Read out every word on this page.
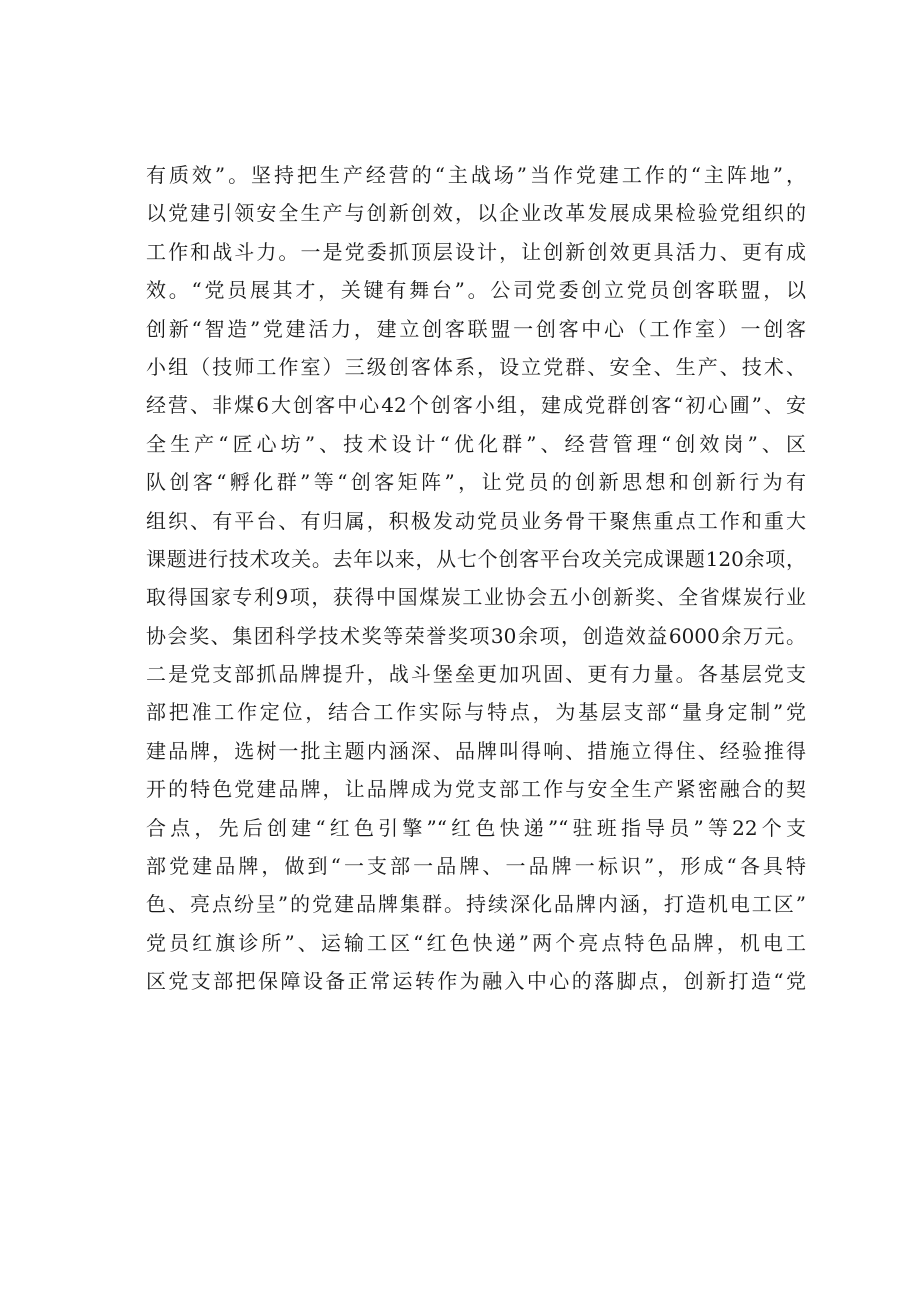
有质效”。坚持把生产经营的“主战场”当作党建工作的“主阵地”，
以党建引领安全生产与创新创效，以企业改革发展成果检验党组织的
工作和战斗力。一是党委抓顶层设计，让创新创效更具活力、更有成
效。“党员展其才，关键有舞台”。公司党委创立党员创客联盟，以
创新“智造”党建活力，建立创客联盟一创客中心（工作室）一创客
小组（技师工作室）三级创客体系，设立党群、安全、生产、技术、
经营、非煤6大创客中心42个创客小组，建成党群创客“初心圃”、安
全生产“匠心坊”、技术设计“优化群”、经营管理“创效岗”、区
队创客“孵化群”等“创客矩阵”，让党员的创新思想和创新行为有
组织、有平台、有归属，积极发动党员业务骨干聚焦重点工作和重大
课题进行技术攻关。去年以来，从七个创客平台攻关完成课题120余项，
取得国家专利9项，获得中国煤炭工业协会五小创新奖、全省煤炭行业
协会奖、集团科学技术奖等荣誉奖项30余项，创造效益6000余万元。
二是党支部抓品牌提升，战斗堡垒更加巩固、更有力量。各基层党支
部把准工作定位，结合工作实际与特点，为基层支部“量身定制”党
建品牌，选树一批主题内涵深、品牌叫得响、措施立得住、经验推得
开的特色党建品牌，让品牌成为党支部工作与安全生产紧密融合的契
合点，先后创建“红色引擎”“红色快递”“驻班指导员”等22个支
部党建品牌，做到“一支部一品牌、一品牌一标识”，形成“各具特
色、亮点纷呈”的党建品牌集群。持续深化品牌内涵，打造机电工区”
党员红旗诊所”、运输工区“红色快递”两个亮点特色品牌，机电工
区党支部把保障设备正常运转作为融入中心的落脚点，创新打造“党
